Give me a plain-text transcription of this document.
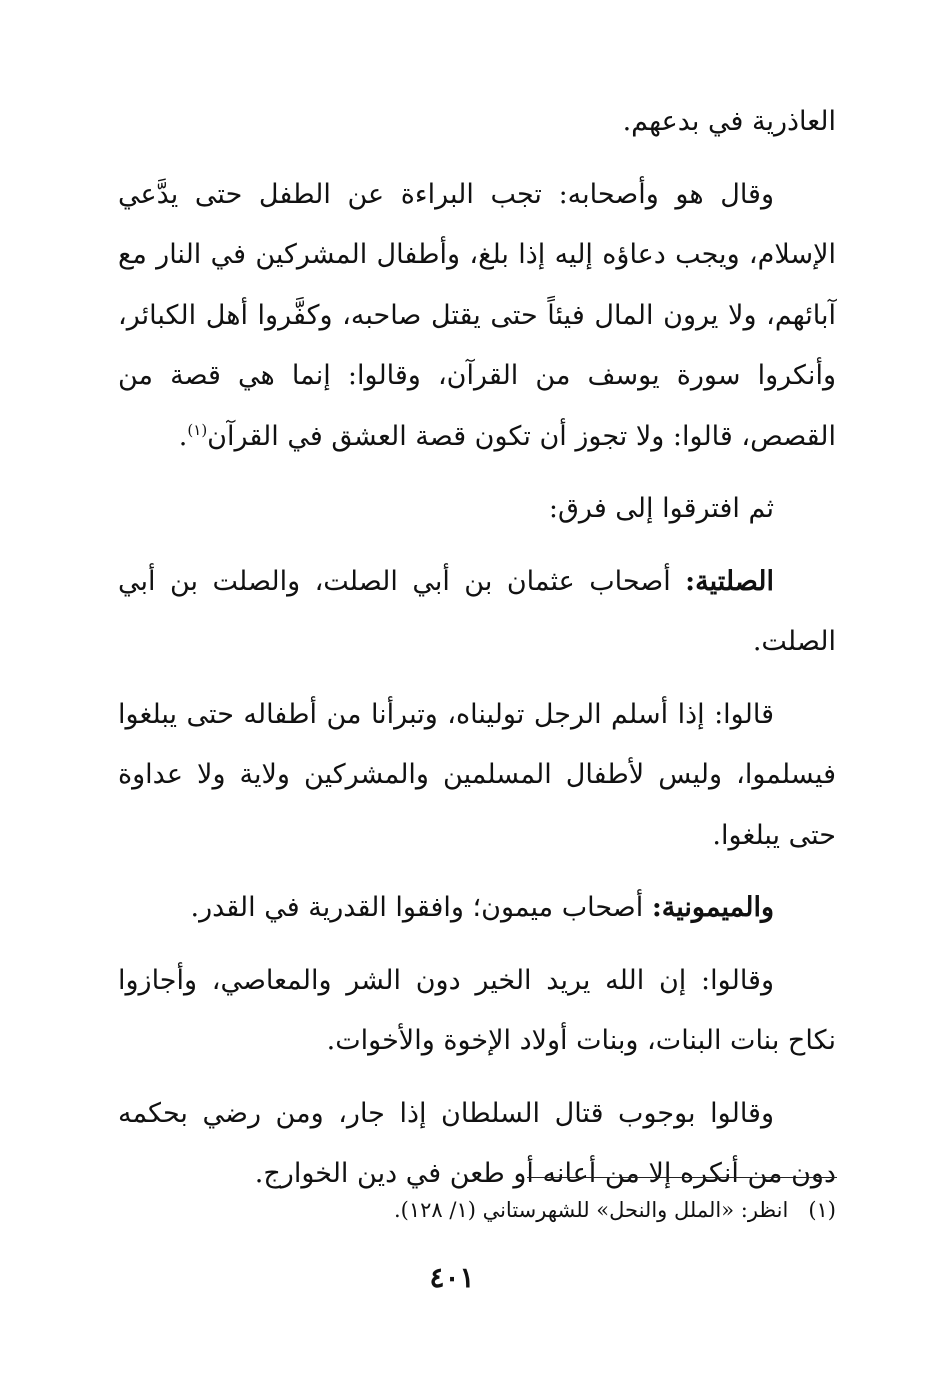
العاذرية في بدعهم.

وقال هو وأصحابه: تجب البراءة عن الطفل حتى يدَّعي الإسلام، ويجب دعاؤه إليه إذا بلغ، وأطفال المشركين في النار مع آبائهم، ولا يرون المال فيئاً حتى يقتل صاحبه، وكفَّروا أهل الكبائر، وأنكروا سورة يوسف من القرآن، وقالوا: إنما هي قصة من القصص، قالوا: ولا تجوز أن تكون قصة العشق في القرآن$^{(١)}$.

ثم افترقوا إلى فرق:

الصلتية: أصحاب عثمان بن أبي الصلت، والصلت بن أبي الصلت.

قالوا: إذا أسلم الرجل توليناه، وتبرأنا من أطفاله حتى يبلغوا فيسلموا، وليس لأطفال المسلمين والمشركين ولاية ولا عداوة حتى يبلغوا.

والميمونية: أصحاب ميمون؛ وافقوا القدرية في القدر.

وقالوا: إن الله يريد الخير دون الشر والمعاصي، وأجازوا نكاح بنات البنات، وبنات أولاد الإخوة والأخوات.

وقالوا بوجوب قتال السلطان إذا جار، ومن رضي بحكمه دون من أنكره إلا من أعانه أو طعن في دين الخوارج.

(١)انظر: «الملل والنحل» للشهرستاني (١/ ١٢٨).
٤٠١
